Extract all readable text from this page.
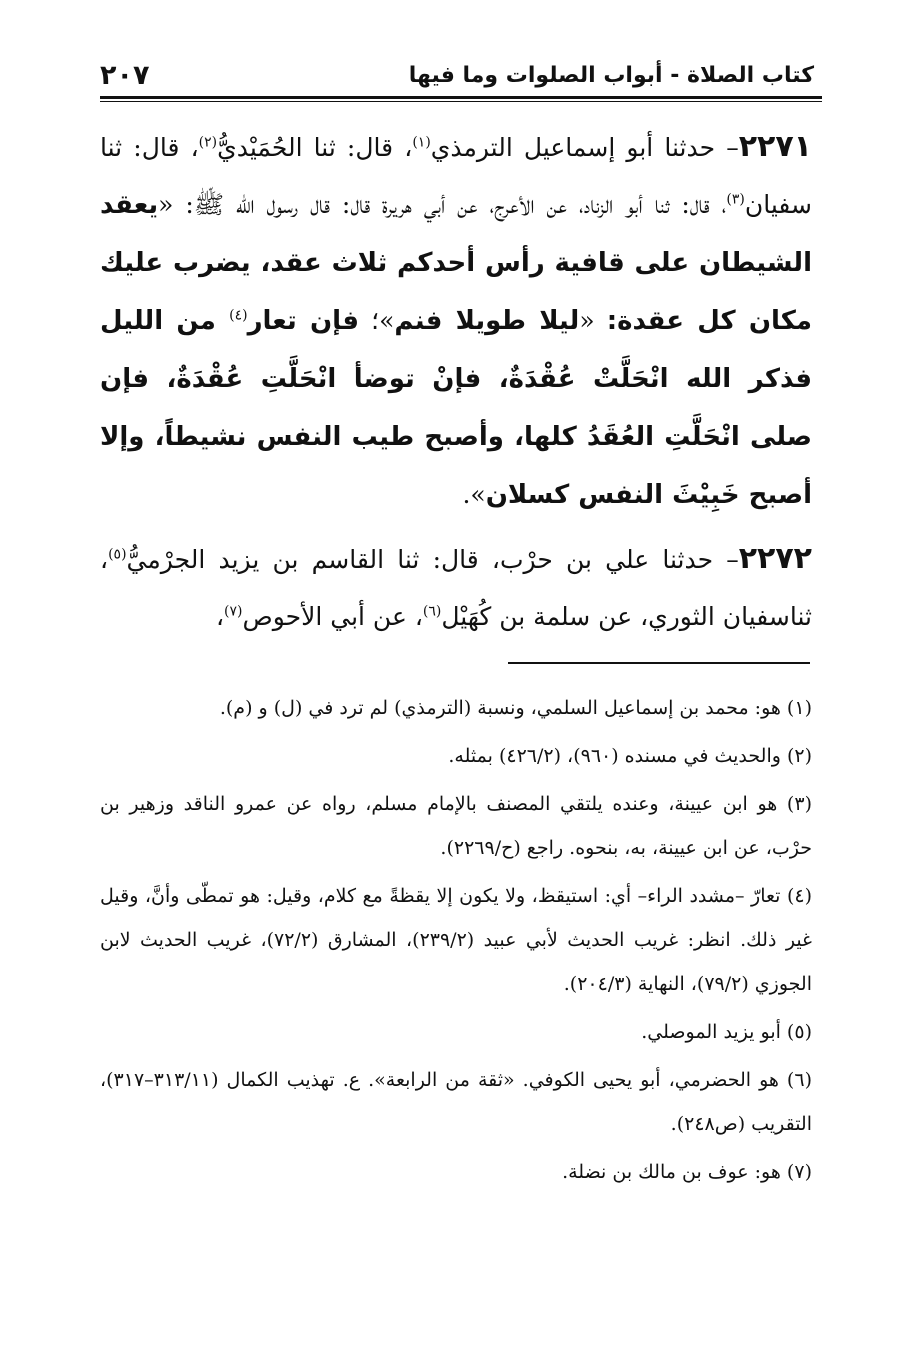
٢٠٧	كتاب الصلاة - أبواب الصلوات وما فيها

٢٢٧١– حدثنا أبو إسماعيل الترمذي$^{(١)}$، قال: ثنا الحُمَيْديُّ$^{(٢)}$، قال: ثنا سفيان$^{(٣)}$، قال: ثنا أبو الزناد، عن الأعرج، عن أبي هريرة قال: قال رسول الله ﷺ: «يعقد الشيطان على قافية رأس أحدكم ثلاث عقد، يضرب عليك مكان كل عقدة: «ليلا طويلا فنم»؛ فإن تعار$^{(٤)}$ من الليل فذكر الله انْحَلَّتْ عُقْدَةٌ، فإنْ توضأ انْحَلَّتِ عُقْدَةٌ، فإن صلى انْحَلَّتِ العُقَدُ كلها، وأصبح طيب النفس نشيطاً، وإلا أصبح خَبِيْثَ النفس كسلان».

٢٢٧٢– حدثنا علي بن حرْب، قال: ثنا القاسم بن يزيد الجرْميُّ$^{(٥)}$، ثناسفيان الثوري، عن سلمة بن كُهَيْل$^{(٦)}$، عن أبي الأحوص$^{(٧)}$،

(١) هو: محمد بن إسماعيل السلمي، ونسبة (الترمذي) لم ترد في (ل) و (م).

(٢) والحديث في مسنده (٩٦٠)، (٤٢٦/٢) بمثله.

(٣) هو ابن عيينة، وعنده يلتقي المصنف بالإمام مسلم، رواه عن عمرو الناقد وزهير بن حرْب، عن ابن عيينة، به، بنحوه. راجع (ح/٢٢٦٩).

(٤) تعارّ –مشدد الراء– أي: استيقظ، ولا يكون إلا يقظةً مع كلام، وقيل: هو تمطّى وأنَّ، وقيل غير ذلك. انظر: غريب الحديث لأبي عبيد (٢٣٩/٢)، المشارق (٧٢/٢)، غريب الحديث لابن الجوزي (٧٩/٢)، النهاية (٢٠٤/٣).

(٥) أبو يزيد الموصلي.

(٦) هو الحضرمي، أبو يحيى الكوفي. «ثقة من الرابعة». ع. تهذيب الكمال (٣١٣/١١–٣١٧)، التقريب (ص٢٤٨).

(٧) هو: عوف بن مالك بن نضلة.
